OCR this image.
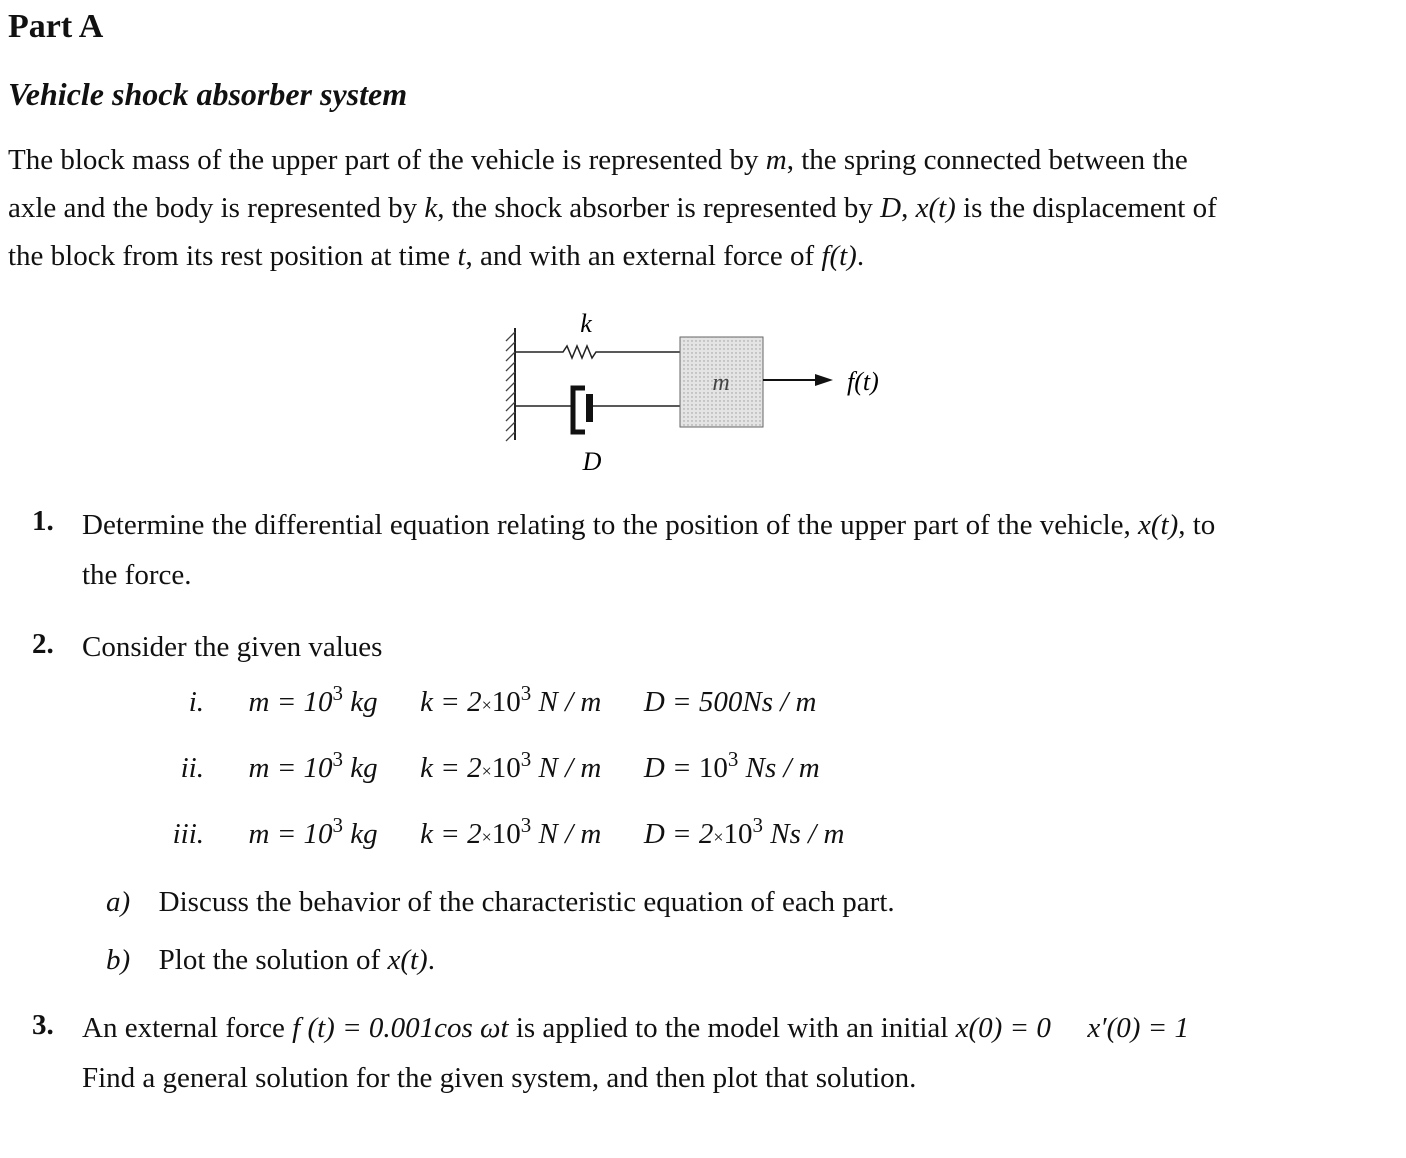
Part A
Vehicle shock absorber system

The block mass of the upper part of the vehicle is represented by m, the spring connected between the

axle and the body is represented by k, the shock absorber is represented by D, x(t) is the displacement of

the block from its rest position at time t, and with an external force of f(t).

k
D
m	f(t)
1. Determine the differential equation relating to the position of the upper part of the vehicle, x(t), to
the force.
2. Consider the given values
i. $m = 10^3$ kg $k = 2\times 10^3$ N / m D = 500Ns / m
ii. $m = 10^3$ kg $k = 2\times 10^3$ N / m $D = 10^3$ Ns / m
iii. $m = 10^3$ kg $k = 2\times 10^3$ N / m $D = 2\times 10^3$ Ns / m
a) Discuss the behavior of the characteristic equation of each part.
b) Plot the solution of x(t).
3. An external force f (t) = 0.001cos ωt is applied to the model with an initial x(0) = 0 x′(0) = 1
Find a general solution for the given system, and then plot that solution.
